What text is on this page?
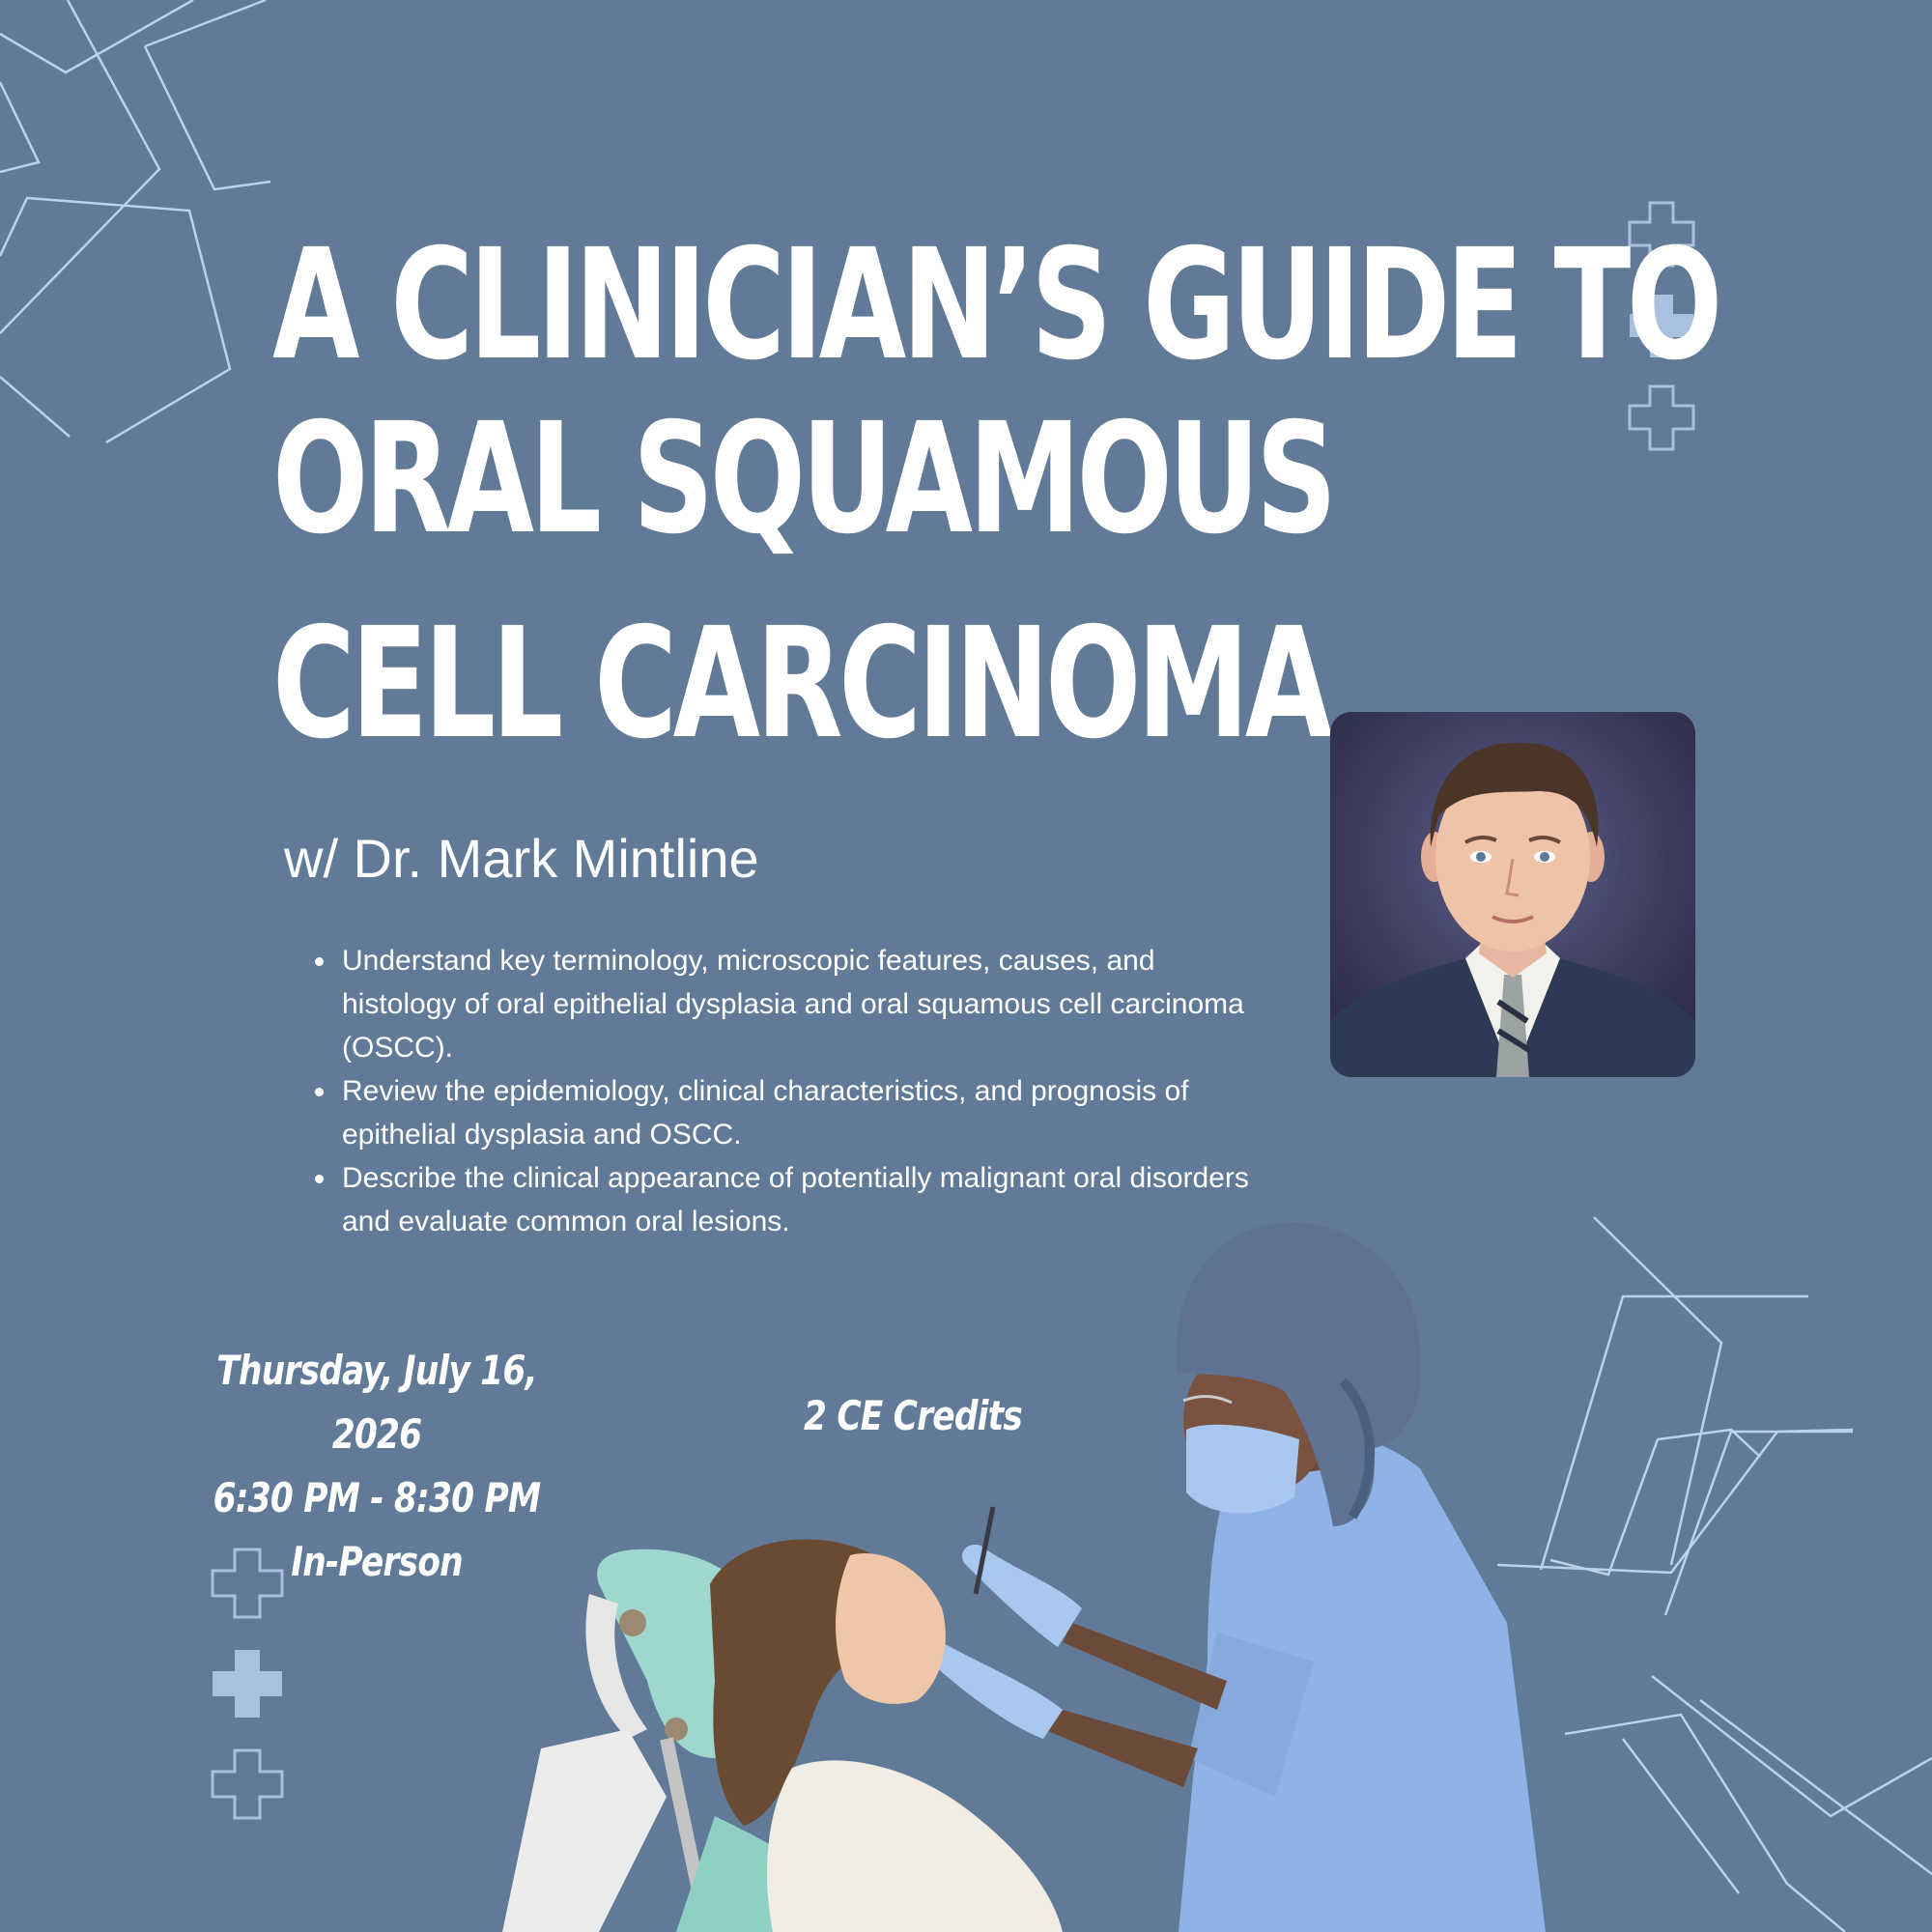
A CLINICIAN’S GUIDE TO
ORAL SQUAMOUS
CELL CARCINOMA
w/ Dr. Mark Mintline
• Understand key terminology, microscopic features, causes, and histology of oral epithelial dysplasia and oral squamous cell carcinoma (OSCC).
• Review the epidemiology, clinical characteristics, and prognosis of epithelial dysplasia and OSCC.
• Describe the clinical appearance of potentially malignant oral disorders and evaluate common oral lesions.
Thursday, July 16, 2026
6:30 PM - 8:30 PM
In-Person
2 CE Credits
